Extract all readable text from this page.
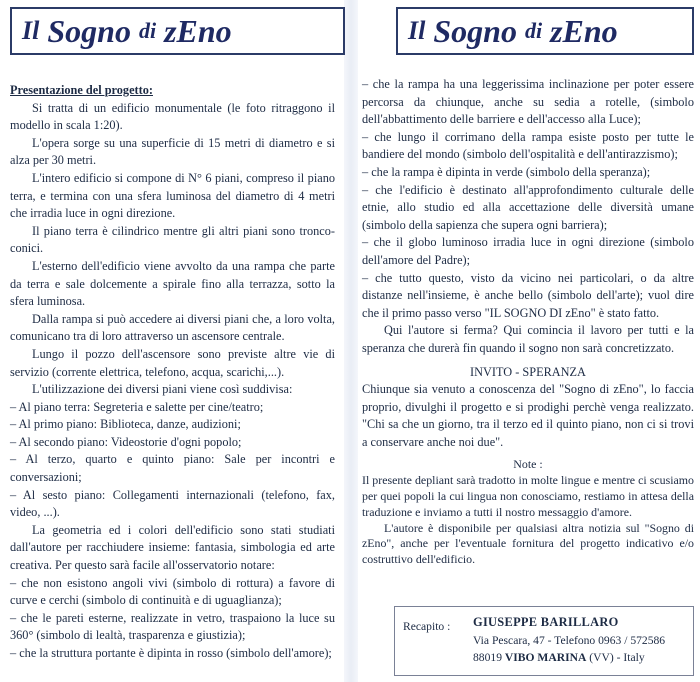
Il Sogno di zEno

Presentazione del progetto:

Si tratta di un edificio monumentale (le foto ritraggono il modello in scala 1:20).

L'opera sorge su una superficie di 15 metri di diametro e si alza per 30 metri.

L'intero edificio si compone di N° 6 piani, compreso il piano terra, e termina con una sfera luminosa del diametro di 4 metri che irradia luce in ogni direzione.

Il piano terra è cilindrico mentre gli altri piani sono tronco-conici.

L'esterno dell'edificio viene avvolto da una rampa che parte da terra e sale dolcemente a spirale fino alla terrazza, sotto la sfera luminosa.

Dalla rampa si può accedere ai diversi piani che, a loro volta, comunicano tra di loro attraverso un ascensore centrale.

Lungo il pozzo dell'ascensore sono previste altre vie di servizio (corrente elettrica, telefono, acqua, scarichi,...).

L'utilizzazione dei diversi piani viene così suddivisa:

– Al piano terra: Segreteria e salette per cine/teatro;

– Al primo piano: Biblioteca, danze, audizioni;

– Al secondo piano: Videostorie d'ogni popolo;

– Al terzo, quarto e quinto piano: Sale per incontri e conversazioni;

– Al sesto piano: Collegamenti internazionali (telefono, fax, video, ...).

La geometria ed i colori dell'edificio sono stati studiati dall'autore per racchiudere insieme: fantasia, simbologia ed arte creativa. Per questo sarà facile all'osservatorio notare:

– che non esistono angoli vivi (simbolo di rottura) a favore di curve e cerchi (simbolo di continuità e di uguaglianza);

– che le pareti esterne, realizzate in vetro, traspaiono la luce su 360° (simbolo di lealtà, trasparenza e giustizia);

– che la struttura portante è dipinta in rosso (simbolo dell'amore);

Il Sogno di zEno

– che la rampa ha una leggerissima inclinazione per poter essere percorsa da chiunque, anche su sedia a rotelle, (simbolo dell'abbattimento delle barriere e dell'accesso alla Luce);

– che lungo il corrimano della rampa esiste posto per tutte le bandiere del mondo (simbolo dell'ospitalità e dell'antirazzismo);

– che la rampa è dipinta in verde (simbolo della speranza);

– che l'edificio è destinato all'approfondimento culturale delle etnie, allo studio ed alla accettazione delle diversità umane (simbolo della sapienza che supera ogni barriera);

– che il globo luminoso irradia luce in ogni direzione (simbolo dell'amore del Padre);

– che tutto questo, visto da vicino nei particolari, o da altre distanze nell'insieme, è anche bello (simbolo dell'arte); vuol dire che il primo passo verso "IL SOGNO DI zEno" è stato fatto.

Qui l'autore si ferma? Qui comincia il lavoro per tutti e la speranza che durerà fin quando il sogno non sarà concretizzato.

INVITO - SPERANZA

Chiunque sia venuto a conoscenza del "Sogno di zEno", lo faccia proprio, divulghi il progetto e si prodighi perchè venga realizzato. "Chi sa che un giorno, tra il terzo ed il quinto piano, non ci si trovi a conservare anche noi due".

Note :

Il presente depliant sarà tradotto in molte lingue e mentre ci scusiamo per quei popoli la cui lingua non conosciamo, restiamo in attesa della traduzione e inviamo a tutti il nostro messaggio d'amore.

L'autore è disponibile per qualsiasi altra notizia sul "Sogno di zEno", anche per l'eventuale fornitura del progetto indicativo e/o costruttivo dell'edificio.

Recapito : GIUSEPPE BARILLARO
Via Pescara, 47 - Telefono 0963 / 572586
88019 VIBO MARINA (VV) - Italy
